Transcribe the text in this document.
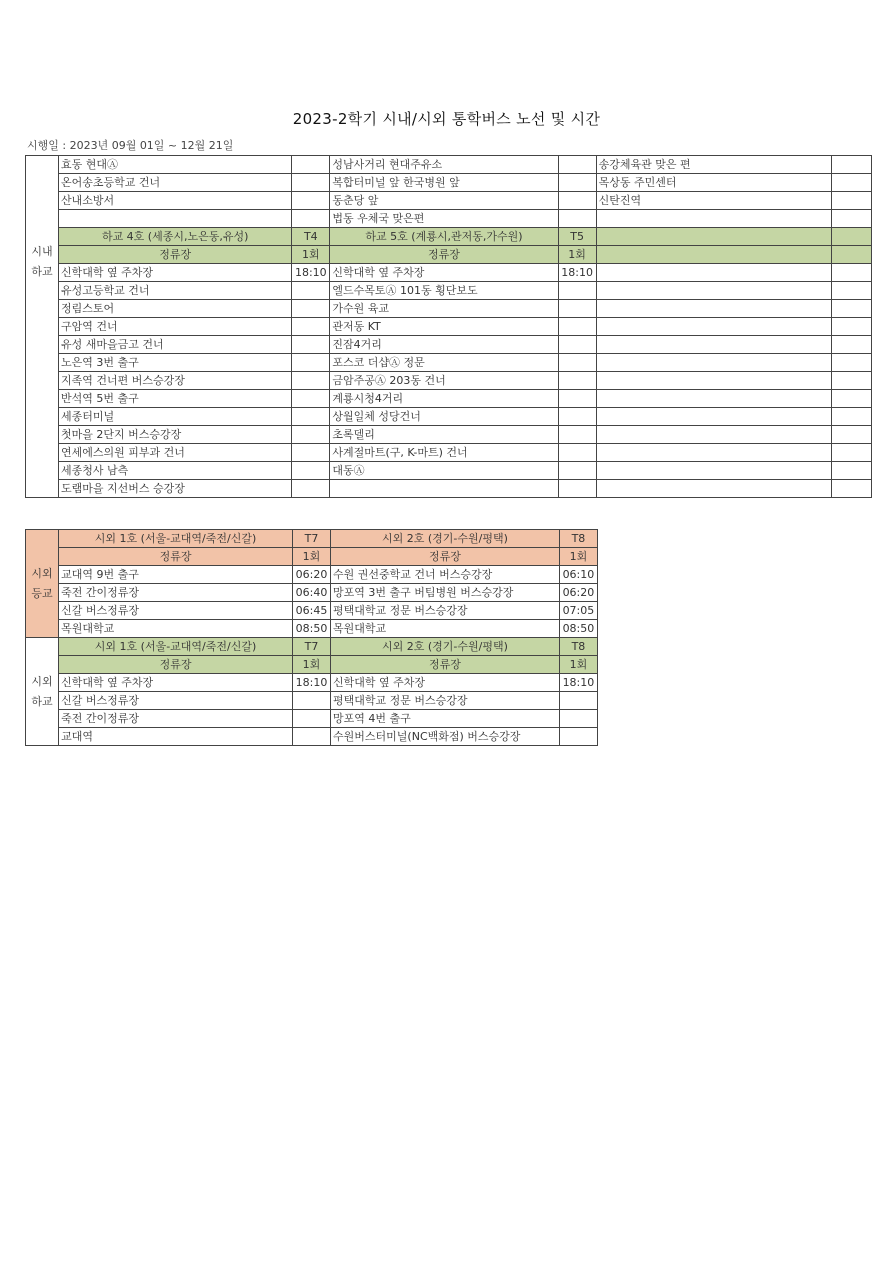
2023-2학기 시내/시외 통학버스 노선 및 시간
시행일 : 2023년 09월 01일 ~ 12월 21일
시내
하교	효동 현대Ⓐ		성남사거리 현대주유소		송강체육관 맞은 편	
	온어송초등학교 건너		복합터미널 앞 한국병원 앞		목상동 주민센터	
	산내소방서		동춘당 앞		신탄진역	
			법동 우체국 맞은편			
	하교 4호 (세종시,노은동,유성)	T4	하교 5호 (계룡시,관저동,가수원)	T5		
	정류장	1회	정류장	1회		
	신학대학 옆 주차장	18:10	신학대학 옆 주차장	18:10		
	유성고등학교 건너		엘드수목토Ⓐ 101동 횡단보도			
	정림스토어		가수원 육교			
	구암역 건너		관저동 KT			
	유성 새마을금고 건너		진잠4거리			
	노은역 3번 출구		포스코 더샵Ⓐ 정문			
	지족역 건너편 버스승강장		금암주공Ⓐ 203동 건너			
	반석역 5번 출구		계룡시청4거리			
	세종터미널		상월일체 성당건너			
	첫마을 2단지 버스승강장		초록델리			
	연세에스의원 피부과 건너		사계절마트(구, K-마트) 건너			
	세종청사 남측		대동Ⓐ			
	도램마을 지선버스 승강장					
시외
등교	시외 1호 (서울-교대역/죽전/신갈)	T7	시외 2호 (경기-수원/평택)	T8
	정류장	1회	정류장	1회
	교대역 9번 출구	06:20	수원 권선중학교 건너 버스승강장	06:10
	죽전 간이정류장	06:40	망포역 3번 출구 버팀병원 버스승강장	06:20
	신갈 버스정류장	06:45	평택대학교 정문 버스승강장	07:05
	목원대학교	08:50	목원대학교	08:50

시외
하교	시외 1호 (서울-교대역/죽전/신갈)	T7	시외 2호 (경기-수원/평택)	T8
	정류장	1회	정류장	1회
	신학대학 옆 주차장	18:10	신학대학 옆 주차장	18:10
	신갈 버스정류장		평택대학교 정문 버스승강장	
	죽전 간이정류장		망포역 4번 출구	
	교대역		수원버스터미널(NC백화점) 버스승강장	
